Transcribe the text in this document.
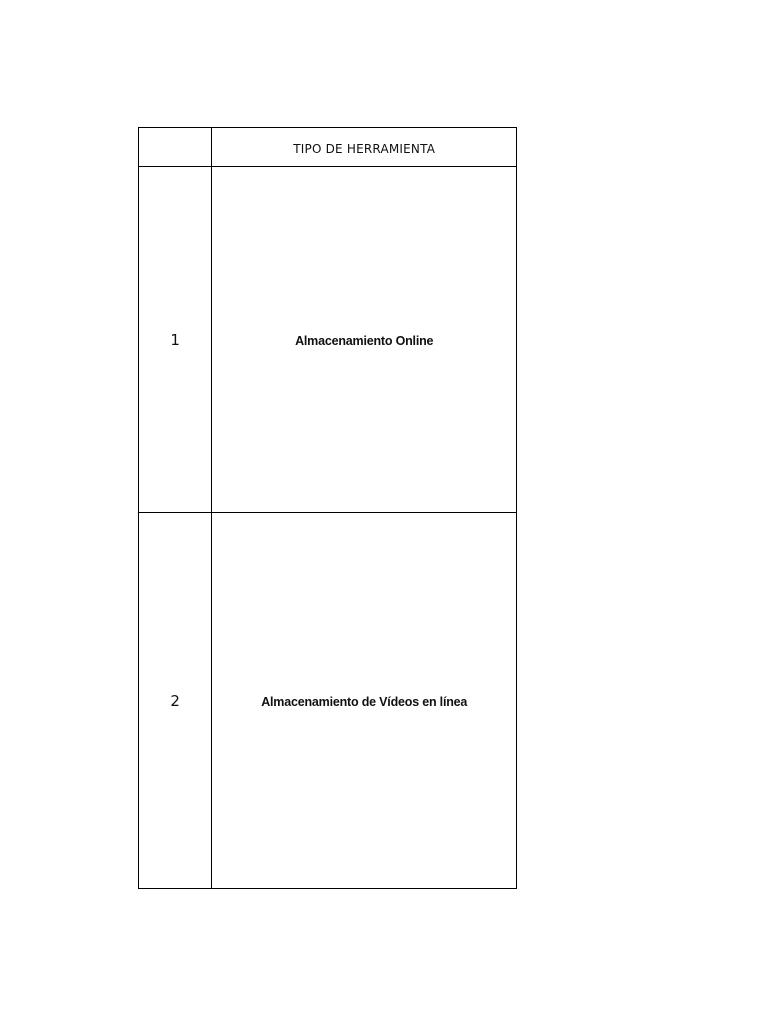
	TIPO DE HERRAMIENTA
1	Almacenamiento Online
2	Almacenamiento de Vídeos en línea
